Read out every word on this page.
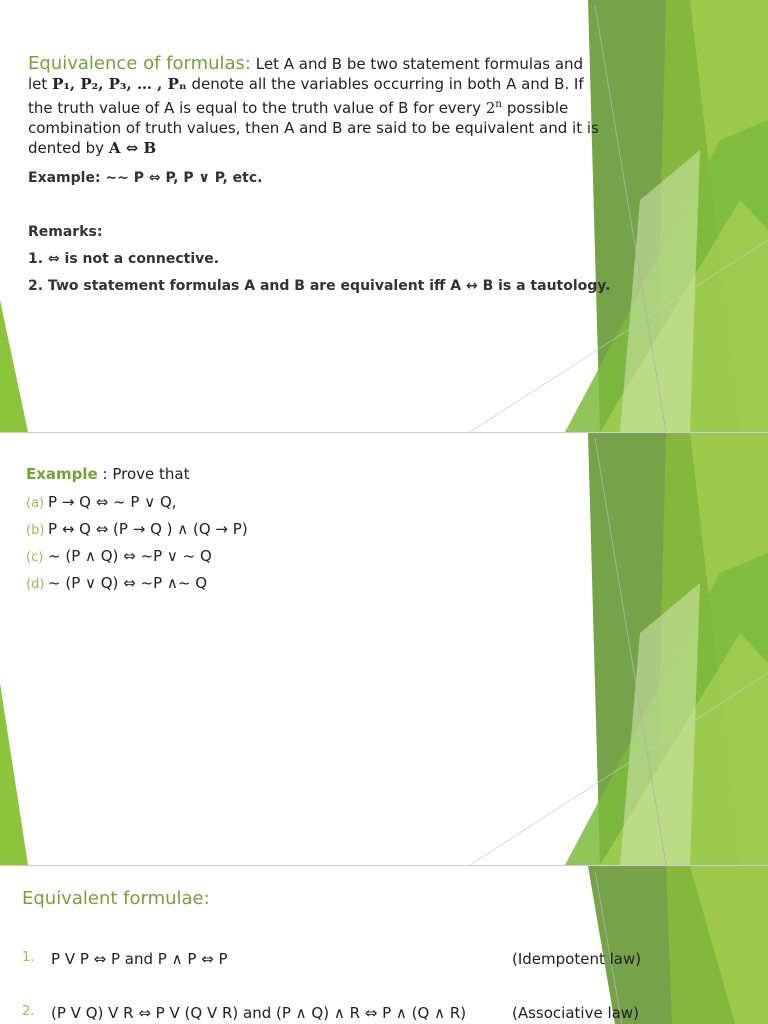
Equivalence of formulas: Let A and B be two statement formulas and let P₁, P₂, P₃, … , Pₙ denote all the variables occurring in both A and B. If the truth value of A is equal to the truth value of B for every 2$^n$ possible combination of truth values, then A and B are said to be equivalent and it is dented by A ⇔ B
Example: ∼∼ P ⇔ P, P ∨ P, etc.
Remarks:
1. ⇔ is not a connective.
2. Two statement formulas A and B are equivalent iff A ↔ B is a tautology.
Example : Prove that
(a) P → Q ⇔ ~ P ∨ Q,
(b) P ↔ Q ⇔ (P → Q ) ∧ (Q → P)
(c) ~ (P ∧ Q) ⇔ ~P ∨ ~ Q
(d) ~ (P ∨ Q) ⇔ ~P ∧~ Q
Equivalent formulae:
1. P V P ⇔ P and P ∧ P ⇔ P	(Idempotent law)
2. (P V Q) V R ⇔ P V (Q V R) and (P ∧ Q) ∧ R ⇔ P ∧ (Q ∧ R)	(Associative law)
